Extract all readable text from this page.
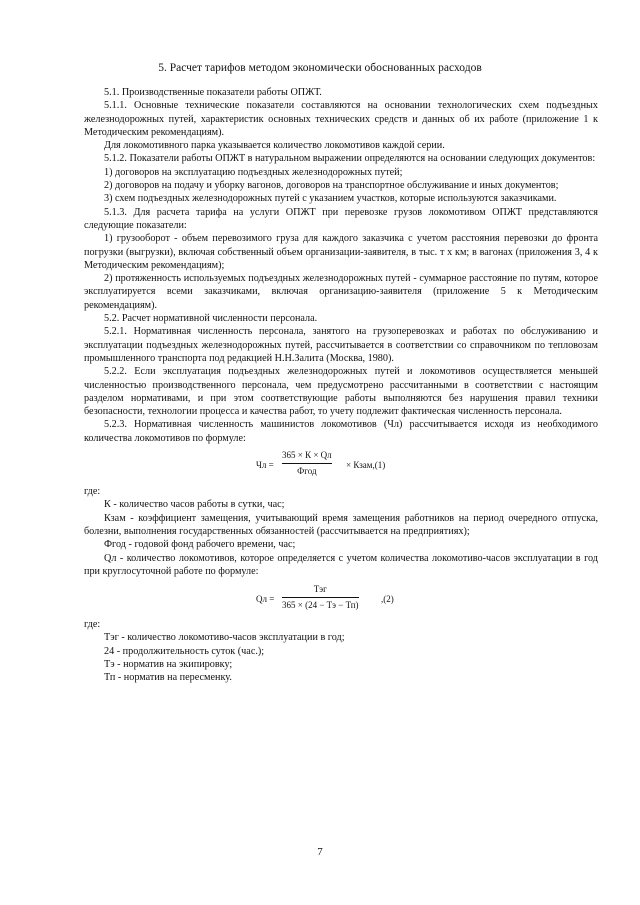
5. Расчет тарифов методом экономически обоснованных расходов

5.1. Производственные показатели работы ОПЖТ.

5.1.1. Основные технические показатели составляются на основании технологических схем подъездных железнодорожных путей, характеристик основных технических средств и данных об их работе (приложение 1 к Методическим рекомендациям).

Для локомотивного парка указывается количество локомотивов каждой серии.

5.1.2. Показатели работы ОПЖТ в натуральном выражении определяются на основании следующих документов:

1) договоров на эксплуатацию подъездных железнодорожных путей;

2) договоров на подачу и уборку вагонов, договоров на транспортное обслуживание и иных документов;

3) схем подъездных железнодорожных путей с указанием участков, которые используются заказчиками.

5.1.3. Для расчета тарифа на услуги ОПЖТ при перевозке грузов локомотивом ОПЖТ представляются следующие показатели:

1) грузооборот - объем перевозимого груза для каждого заказчика с учетом расстояния перевозки до фронта погрузки (выгрузки), включая собственный объем организации-заявителя, в тыс. т x км; в вагонах (приложения 3, 4 к Методическим рекомендациям);

2) протяженность используемых подъездных железнодорожных путей - суммарное расстояние по путям, которое эксплуатируется всеми заказчиками, включая организацию-заявителя (приложение 5 к Методическим рекомендациям).

5.2. Расчет нормативной численности персонала.

5.2.1. Нормативная численность персонала, занятого на грузоперевозках и работах по обслуживанию и эксплуатации подъездных железнодорожных путей, рассчитывается в соответствии со справочником по тепловозам промышленного транспорта под редакцией Н.Н.Залита (Москва, 1980).

5.2.2. Если эксплуатация подъездных железнодорожных путей и локомотивов осуществляется меньшей численностью производственного персонала, чем предусмотрено рассчитанными в соответствии с настоящим разделом нормативами, и при этом соответствующие работы выполняются без нарушения правил техники безопасности, технологии процесса и качества работ, то учету подлежит фактическая численность персонала.

5.2.3. Нормативная численность машинистов локомотивов (Чл) рассчитывается исходя из необходимого количества локомотивов по формуле:

Чл =
365 × К × Qл
Фгод
× Кзам,(1)

где:

К - количество часов работы в сутки, час;

Кзам - коэффициент замещения, учитывающий время замещения работников на период очередного отпуска, болезни, выполнения государственных обязанностей (рассчитывается на предприятиях);

Фгод - годовой фонд рабочего времени, час;

Qл - количество локомотивов, которое определяется с учетом количества локомотиво-часов эксплуатации в год при круглосуточной работе по формуле:

Qл =
Тэг
365 × (24 − Тэ − Тп)
,(2)

где:

Тэг - количество локомотиво-часов эксплуатации в год;

24 - продолжительность суток (час.);

Тэ - норматив на экипировку;

Тп - норматив на пересменку.

7
